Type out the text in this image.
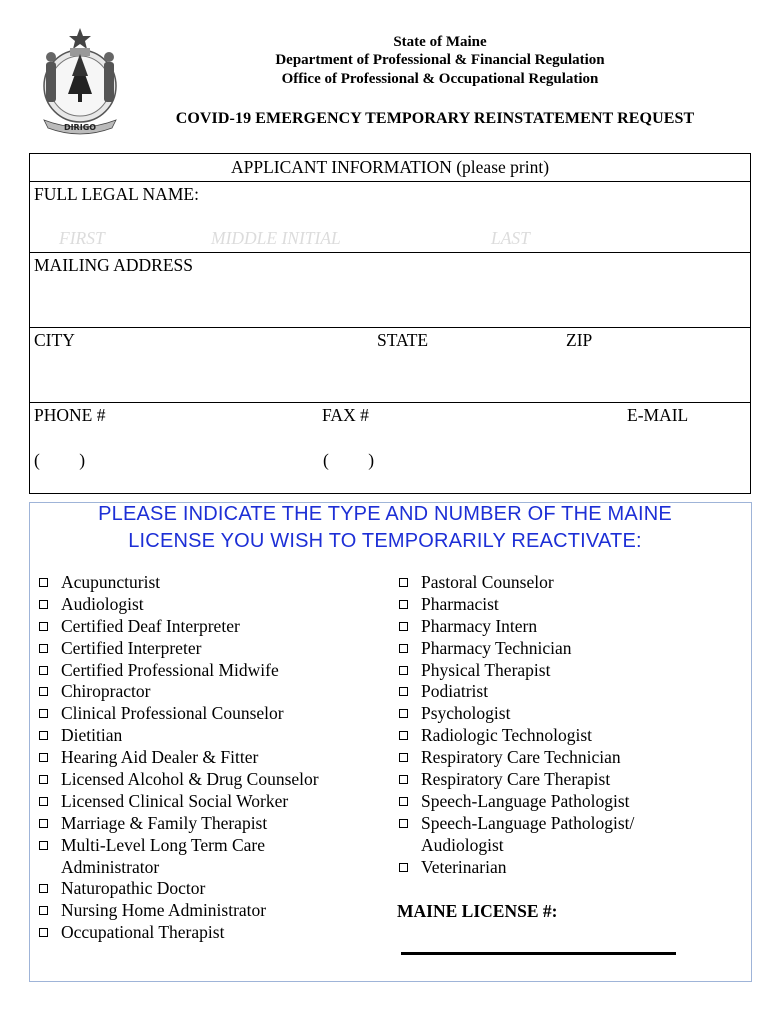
DIRIGO
State of Maine
Department of Professional & Financial Regulation
Office of Professional & Occupational Regulation
COVID-19 EMERGENCY TEMPORARY REINSTATEMENT REQUEST
APPLICANT INFORMATION (please print)
FULL LEGAL NAME:
FIRST	MIDDLE INITIAL	LAST
MAILING ADDRESS
CITY	STATE	ZIP
PHONE #	FAX #	E-MAIL
(         )	(         )
PLEASE INDICATE THE TYPE AND NUMBER OF THE MAINE
LICENSE YOU WISH TO TEMPORARILY REACTIVATE:
Acupuncturist
Audiologist
Certified Deaf Interpreter
Certified Interpreter
Certified Professional Midwife
Chiropractor
Clinical Professional Counselor
Dietitian
Hearing Aid Dealer & Fitter
Licensed Alcohol & Drug Counselor
Licensed Clinical Social Worker
Marriage & Family Therapist
Multi-Level Long Term Care
Administrator
Naturopathic Doctor
Nursing Home Administrator
Occupational Therapist
Pastoral Counselor
Pharmacist
Pharmacy Intern
Pharmacy Technician
Physical Therapist
Podiatrist
Psychologist
Radiologic Technologist
Respiratory Care Technician
Respiratory Care Therapist
Speech-Language Pathologist
Speech-Language Pathologist/
Audiologist
Veterinarian
MAINE LICENSE #:
